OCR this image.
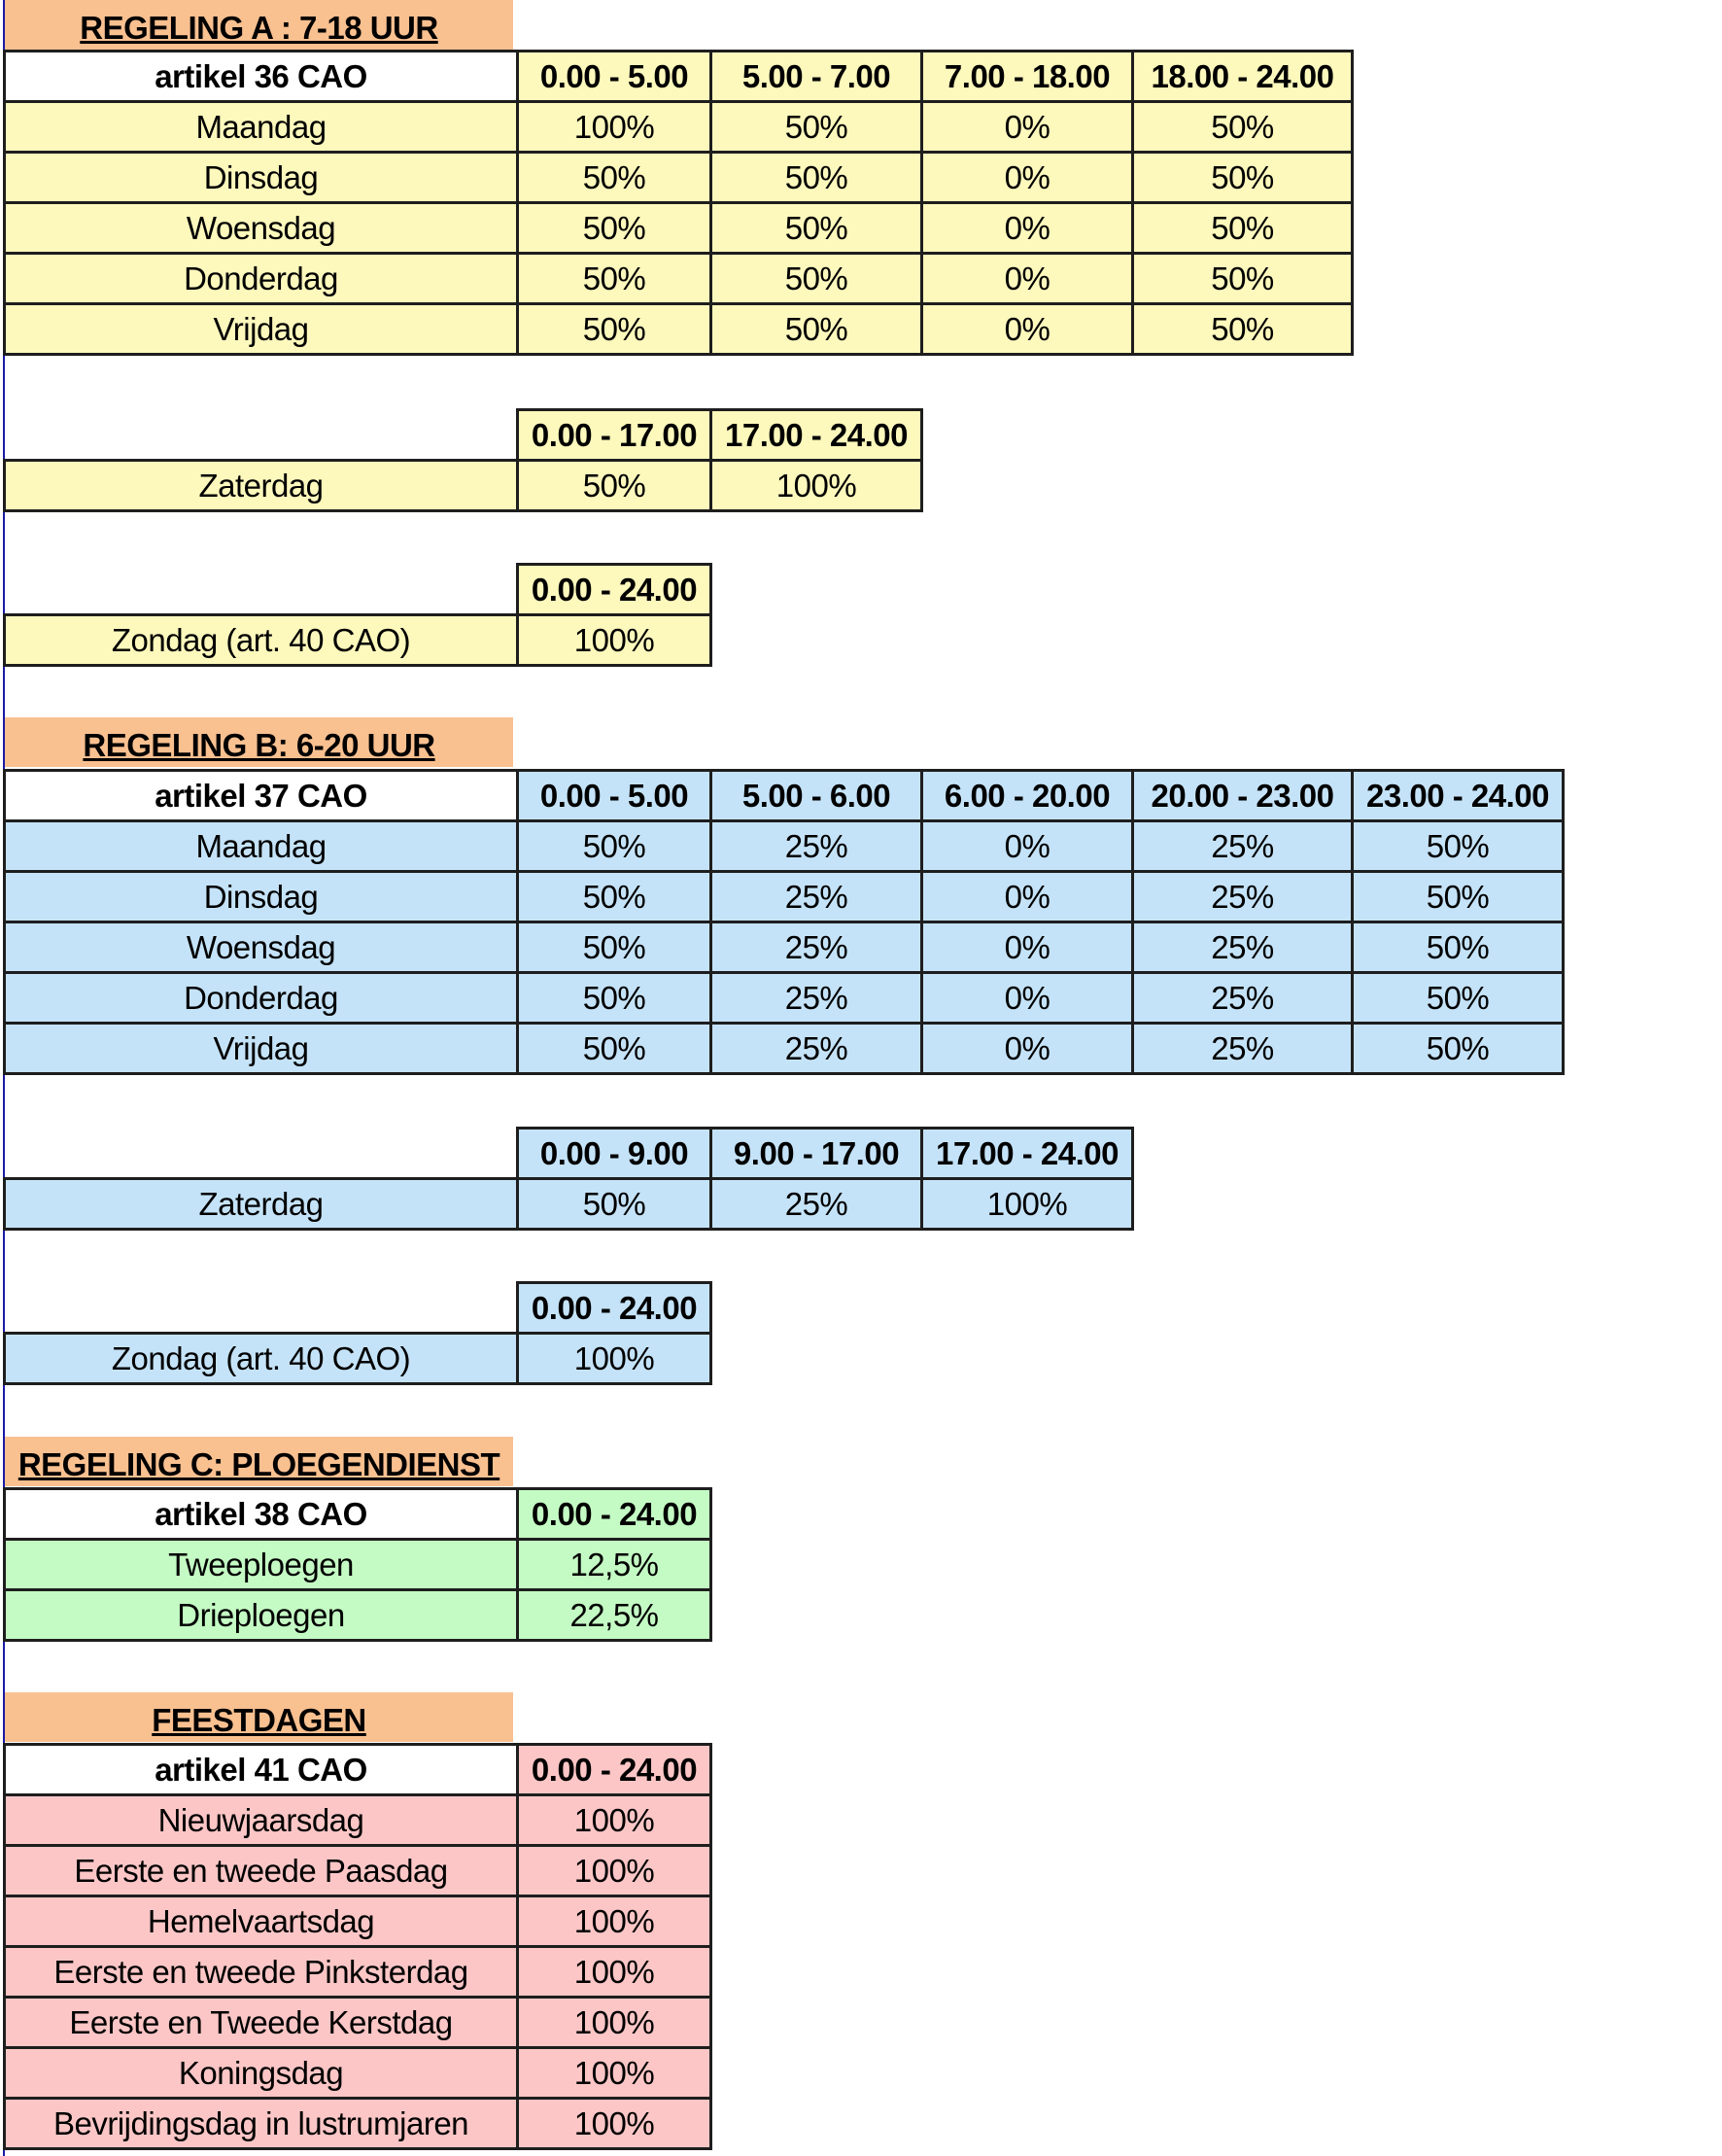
REGELING A : 7-18 UUR
artikel 36 CAO	0.00 - 5.00	5.00 - 7.00	7.00 - 18.00	18.00 - 24.00
Maandag	100%	50%	0%	50%
Dinsdag	50%	50%	0%	50%
Woensdag	50%	50%	0%	50%
Donderdag	50%	50%	0%	50%
Vrijdag	50%	50%	0%	50%
	0.00 - 17.00	17.00 - 24.00
Zaterdag	50%	100%
	0.00 - 24.00
Zondag (art. 40 CAO)	100%
REGELING B: 6-20 UUR
artikel 37 CAO	0.00 - 5.00	5.00 - 6.00	6.00 - 20.00	20.00 - 23.00	23.00 - 24.00
Maandag	50%	25%	0%	25%	50%
Dinsdag	50%	25%	0%	25%	50%
Woensdag	50%	25%	0%	25%	50%
Donderdag	50%	25%	0%	25%	50%
Vrijdag	50%	25%	0%	25%	50%
	0.00 - 9.00	9.00 - 17.00	17.00 - 24.00
Zaterdag	50%	25%	100%
	0.00 - 24.00
Zondag (art. 40 CAO)	100%
REGELING C: PLOEGENDIENST
artikel 38 CAO	0.00 - 24.00
Tweeploegen	12,5%
Drieploegen	22,5%
FEESTDAGEN
artikel 41 CAO	0.00 - 24.00
Nieuwjaarsdag	100%
Eerste en tweede Paasdag	100%
Hemelvaartsdag	100%
Eerste en tweede Pinksterdag	100%
Eerste en Tweede Kerstdag	100%
Koningsdag	100%
Bevrijdingsdag in lustrumjaren	100%
